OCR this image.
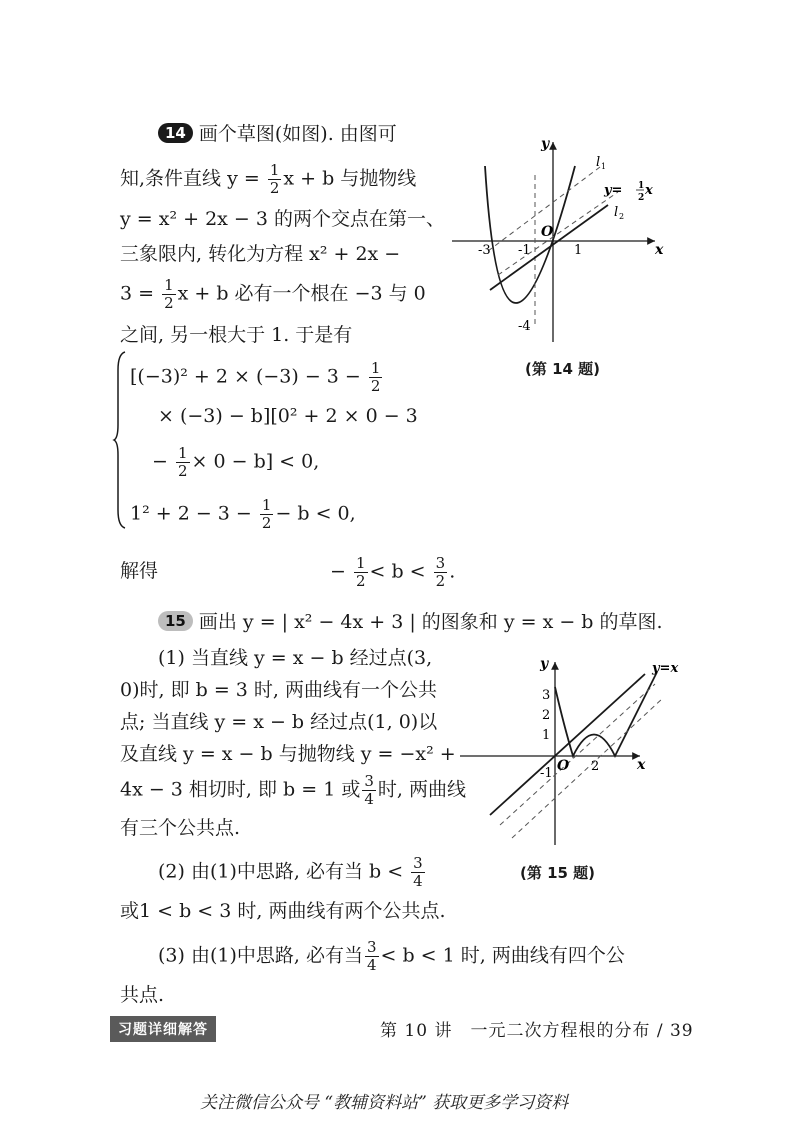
14 画个草图(如图). 由图可
知,条件直线 $y = \frac{1}{2}$ x + b 与抛物线
y = x² + 2x − 3 的两个交点在第一、
三象限内, 转化为方程 x² + 2x −
$3 = \frac{1}{2}$ x + b 必有一个根在 −3 与 0
之间, 另一根大于 1. 于是有
[$(-3)^2 + 2 \times (-3) - 3 - \frac{1}{2}$
× (−3) − b][0² + 2 × 0 − 3
− $\frac{1}{2} \times 0 - b] < 0$,
$1^2 + 2 - 3 - \frac{1}{2} - b < 0$,
解得	− $\frac{1}{2} < b < \frac{3}{2}$ .
y
x
O
l 1
l 2
y= 1
2 x
-3 -1	1
-4
(第 14 题)
15 画出 y = | x² − 4x + 3 | 的图象和 y = x − b 的草图.
(1) 当直线 y = x − b 经过点(3,
0)时, 即 b = 3 时, 两曲线有一个公共
点; 当直线 y = x − b 经过点(1, 0)以
及直线 y = x − b 与抛物线 y = −x² +
4x − 3 相切时, 即 b = 1 或 $\frac{3}{4}$ 时, 两曲线
有三个公共点.
(2) 由(1)中思路, 必有当 $b < \frac{3}{4}$
或1 < b < 3 时, 两曲线有两个公共点.
(3) 由(1)中思路, 必有当 $\frac{3}{4} < b < 1$ 时, 两曲线有四个公
共点.
y
x
O
y=x
3
2
1
-1	2
(第 15 题)
习题详细解答	第 10 讲　一元二次方程根的分布 / 39
关注微信公众号 “教辅资料站” 获取更多学习资料
